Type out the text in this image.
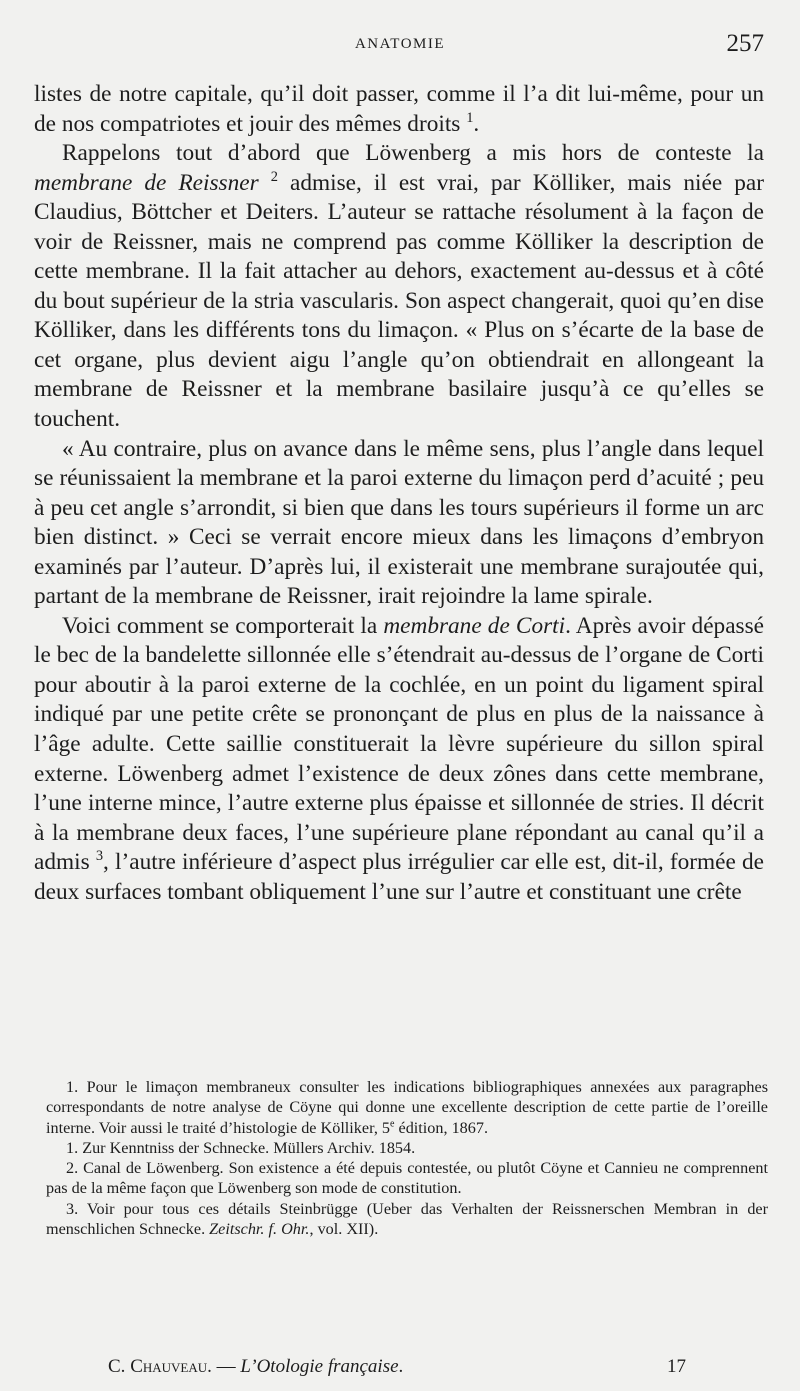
ANATOMIE	257

listes de notre capitale, qu’il doit passer, comme il l’a dit lui-même, pour un de nos compatriotes et jouir des mêmes droits $^1$.

Rappelons tout d’abord que Löwenberg a mis hors de conteste la membrane de Reissner $^2$ admise, il est vrai, par Kölliker, mais niée par Claudius, Böttcher et Deiters. L’auteur se rattache résolument à la façon de voir de Reissner, mais ne comprend pas comme Kölliker la description de cette membrane. Il la fait attacher au dehors, exactement au-dessus et à côté du bout supérieur de la stria vascularis. Son aspect changerait, quoi qu’en dise Kölliker, dans les différents tons du limaçon. « Plus on s’écarte de la base de cet organe, plus devient aigu l’angle qu’on obtiendrait en allongeant la membrane de Reissner et la membrane basilaire jusqu’à ce qu’elles se touchent.

« Au contraire, plus on avance dans le même sens, plus l’angle dans lequel se réunissaient la membrane et la paroi externe du limaçon perd d’acuité ; peu à peu cet angle s’arrondit, si bien que dans les tours supérieurs il forme un arc bien distinct. » Ceci se verrait encore mieux dans les limaçons d’embryon examinés par l’auteur. D’après lui, il existerait une membrane surajoutée qui, partant de la membrane de Reissner, irait rejoindre la lame spirale.

Voici comment se comporterait la membrane de Corti. Après avoir dépassé le bec de la bandelette sillonnée elle s’étendrait au-dessus de l’organe de Corti pour aboutir à la paroi externe de la cochlée, en un point du ligament spiral indiqué par une petite crête se prononçant de plus en plus de la naissance à l’âge adulte. Cette saillie constituerait la lèvre supérieure du sillon spiral externe. Löwenberg admet l’existence de deux zônes dans cette membrane, l’une interne mince, l’autre externe plus épaisse et sillonnée de stries. Il décrit à la membrane deux faces, l’une supérieure plane répondant au canal qu’il a admis $^3$, l’autre inférieure d’aspect plus irrégulier car elle est, dit-il, formée de deux surfaces tombant obliquement l’une sur l’autre et constituant une crête

1. Pour le limaçon membraneux consulter les indications bibliographiques annexées aux paragraphes correspondants de notre analyse de Cöyne qui donne une excellente description de cette partie de l’oreille interne. Voir aussi le traité d’histologie de Kölliker, 5e édition, 1867.

1. Zur Kenntniss der Schnecke. Müllers Archiv. 1854.

2. Canal de Löwenberg. Son existence a été depuis contestée, ou plutôt Cöyne et Cannieu ne comprennent pas de la même façon que Löwenberg son mode de constitution.

3. Voir pour tous ces détails Steinbrügge (Ueber das Verhalten der Reissnerschen Membran in der menschlichen Schnecke. Zeitschr. f. Ohr., vol. XII).

C. Chauveau. — L’Otologie française.	17
